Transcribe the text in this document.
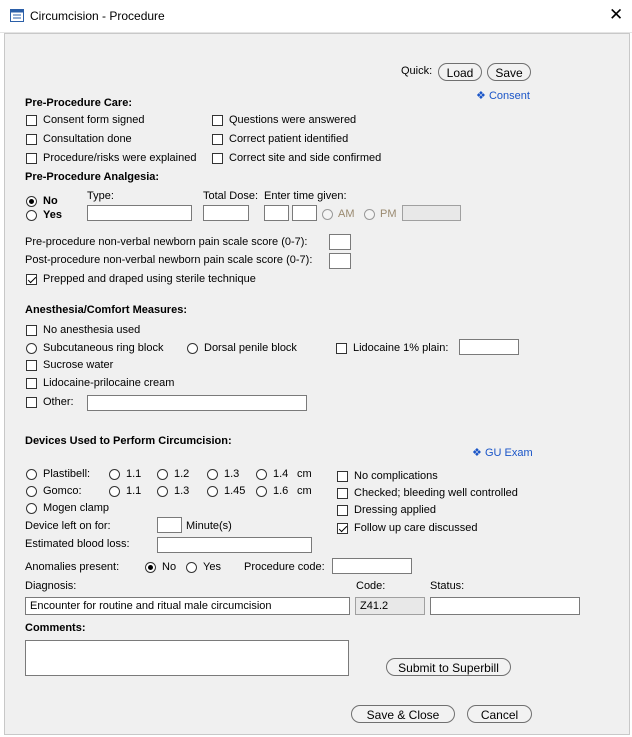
Circumcision - Procedure	✕
Quick:	Load	Save
❖ Consent
Pre-Procedure Care:
Consent form signed
Consultation done
Procedure/risks were explained
Questions were answered
Correct patient identified
Correct site and side confirmed
Pre-Procedure Analgesia:
Type:	Total Dose: Enter time given:
No
Yes	AM PM
Pre-procedure non-verbal newborn pain scale score (0-7):
Post-procedure non-verbal newborn pain scale score (0-7):
Prepped and draped using sterile technique
Anesthesia/Comfort Measures:
No anesthesia used
Subcutaneous ring block	Dorsal penile block	Lidocaine 1% plain:
Sucrose water
Lidocaine-prilocaine cream
Other:
Devices Used to Perform Circumcision:
❖ GU Exam
Plastibell:	1.1	1.2	1.3	1.4 cm
Gomco:	1.1	1.3	1.45	1.6 cm
Mogen clamp
Device left on for:	Minute(s)
Estimated blood loss:
No complications
Checked; bleeding well controlled
Dressing applied
Follow up care discussed
Anomalies present:	No Yes Procedure code:
Diagnosis:	Code:	Status:
Encounter for routine and ritual male circumcision	Z41.2
Comments:
Submit to Superbill
Save & Close	Cancel
